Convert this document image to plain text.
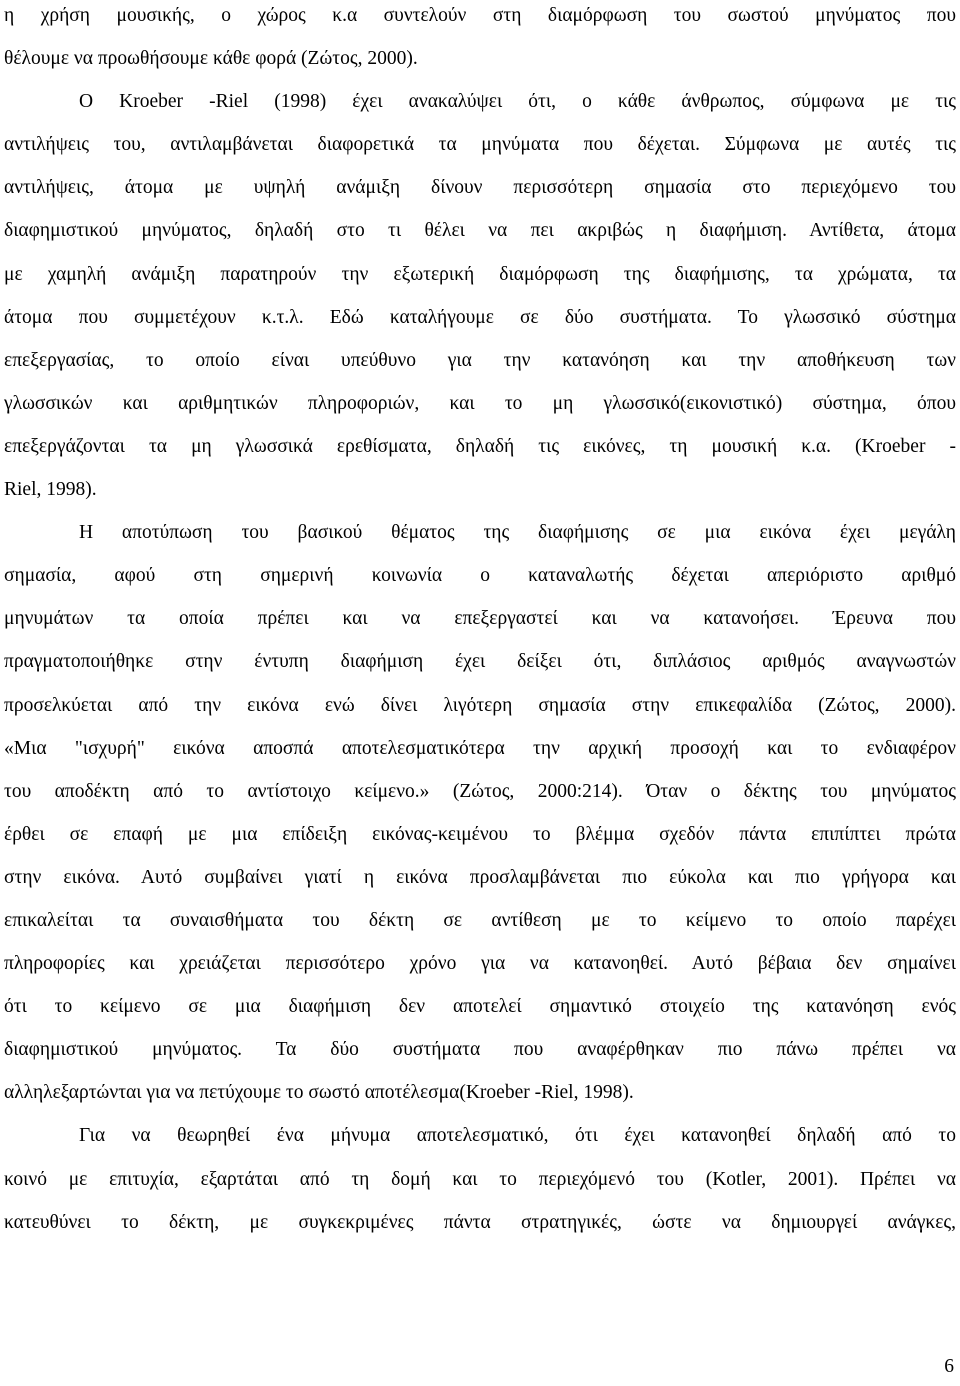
η χρήση μουσικής, ο χώρος κ.α συντελούν στη διαμόρφωση του σωστού μηνύματος που
θέλουμε να προωθήσουμε κάθε φορά (Ζώτος, 2000).
Ο Kroeber -Riel (1998) έχει ανακαλύψει ότι, ο κάθε άνθρωπος, σύμφωνα με τις
αντιλήψεις του, αντιλαμβάνεται διαφορετικά τα μηνύματα που δέχεται. Σύμφωνα με αυτές τις
αντιλήψεις, άτομα με υψηλή ανάμιξη δίνουν περισσότερη σημασία στο περιεχόμενο του
διαφημιστικού μηνύματος, δηλαδή στο τι θέλει να πει ακριβώς η διαφήμιση. Αντίθετα, άτομα
με χαμηλή ανάμιξη παρατηρούν την εξωτερική διαμόρφωση της διαφήμισης, τα χρώματα, τα
άτομα που συμμετέχουν κ.τ.λ. Εδώ καταλήγουμε σε δύο συστήματα. Το γλωσσικό σύστημα
επεξεργασίας, το οποίο είναι υπεύθυνο για την κατανόηση και την αποθήκευση των
γλωσσικών και αριθμητικών πληροφοριών, και το μη γλωσσικό(εικονιστικό) σύστημα, όπου
επεξεργάζονται τα μη γλωσσικά ερεθίσματα, δηλαδή τις εικόνες, τη μουσική κ.α. (Kroeber -
Riel, 1998).
Η αποτύπωση του βασικού θέματος της διαφήμισης σε μια εικόνα έχει μεγάλη
σημασία, αφού στη σημερινή κοινωνία ο καταναλωτής δέχεται απεριόριστο αριθμό
μηνυμάτων τα οποία πρέπει και να επεξεργαστεί και να κατανοήσει. Έρευνα που
πραγματοποιήθηκε στην έντυπη διαφήμιση έχει δείξει ότι, διπλάσιος αριθμός αναγνωστών
προσελκύεται από την εικόνα ενώ δίνει λιγότερη σημασία στην επικεφαλίδα (Ζώτος, 2000).
«Μια "ισχυρή" εικόνα αποσπά αποτελεσματικότερα την αρχική προσοχή και το ενδιαφέρον
του αποδέκτη από το αντίστοιχο κείμενο.» (Ζώτος, 2000:214). Όταν ο δέκτης του μηνύματος
έρθει σε επαφή με μια επίδειξη εικόνας-κειμένου το βλέμμα σχεδόν πάντα επιπίπτει πρώτα
στην εικόνα. Αυτό συμβαίνει γιατί η εικόνα προσλαμβάνεται πιο εύκολα και πιο γρήγορα και
επικαλείται τα συναισθήματα του δέκτη σε αντίθεση με το κείμενο το οποίο παρέχει
πληροφορίες και χρειάζεται περισσότερο χρόνο για να κατανοηθεί. Αυτό βέβαια δεν σημαίνει
ότι το κείμενο σε μια διαφήμιση δεν αποτελεί σημαντικό στοιχείο της κατανόηση ενός
διαφημιστικού μηνύματος. Τα δύο συστήματα που αναφέρθηκαν πιο πάνω πρέπει να
αλληλεξαρτώνται για να πετύχουμε το σωστό αποτέλεσμα(Kroeber -Riel, 1998).
Για να θεωρηθεί ένα μήνυμα αποτελεσματικό, ότι έχει κατανοηθεί δηλαδή από το
κοινό με επιτυχία, εξαρτάται από τη δομή και το περιεχόμενό του (Kotler, 2001). Πρέπει να
κατευθύνει το δέκτη, με συγκεκριμένες πάντα στρατηγικές, ώστε να δημιουργεί ανάγκες,
6
